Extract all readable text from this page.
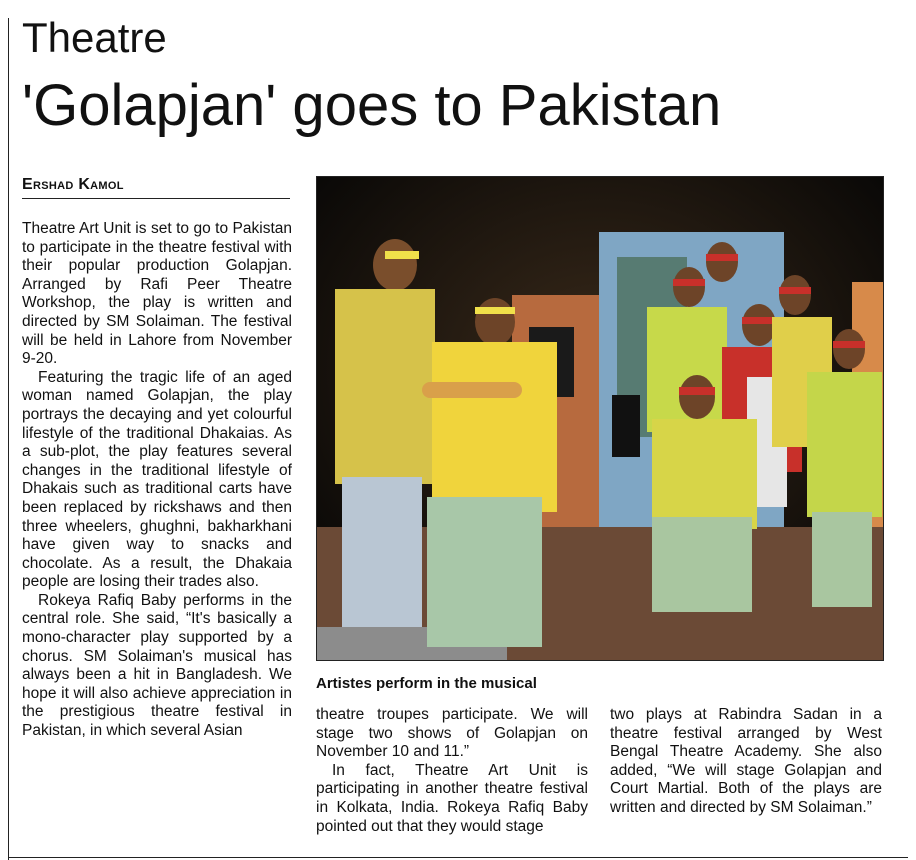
Theatre
'Golapjan' goes to Pakistan
Ershad Kamol

Theatre Art Unit is set to go to Pakistan to participate in the theatre festival with their popular production Golapjan. Arranged by Rafi Peer Theatre Workshop, the play is written and directed by SM Solaiman. The festival will be held in Lahore from November 9-20.

Featuring the tragic life of an aged woman named Golapjan, the play portrays the decaying and yet colourful lifestyle of the traditional Dhakaias. As a sub-plot, the play features several changes in the traditional lifestyle of Dhakais such as traditional carts have been replaced by rickshaws and then three wheelers, ghughni, bakharkhani have given way to snacks and chocolate. As a result, the Dhakaia people are losing their trades also.

Rokeya Rafiq Baby performs in the central role. She said, “It's basically a mono-character play supported by a chorus. SM Solaiman's musical has always been a hit in Bangladesh. We hope it will also achieve appreciation in the prestigious theatre festival in Pakistan, in which several Asian

Artistes perform in the musical

theatre troupes participate. We will stage two shows of Golapjan on November 10 and 11.”

In fact, Theatre Art Unit is participating in another theatre festival in Kolkata, India. Rokeya Rafiq Baby pointed out that they would stage

two plays at Rabindra Sadan in a theatre festival arranged by West Bengal Theatre Academy. She also added, “We will stage Golapjan and Court Martial. Both of the plays are written and directed by SM Solaiman.”
